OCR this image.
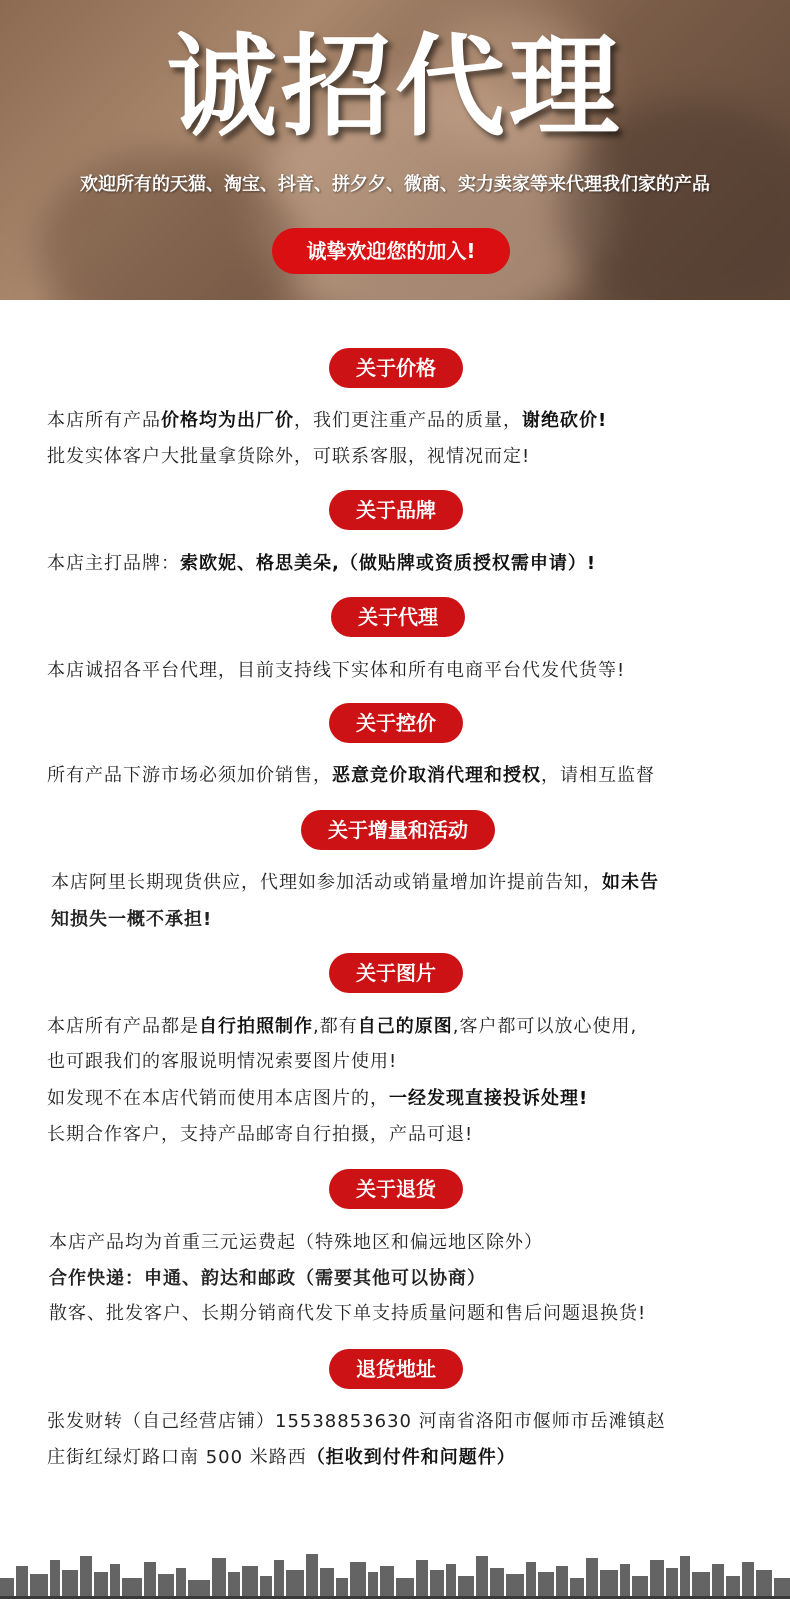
诚招代理
欢迎所有的天猫、淘宝、抖音、拼夕夕、微商、实力卖家等来代理我们家的产品
诚挚欢迎您的加入!
关于价格
本店所有产品价格均为出厂价，我们更注重产品的质量，谢绝砍价!
批发实体客户大批量拿货除外，可联系客服，视情况而定!
关于品牌
本店主打品牌：索欧妮、格思美朵,（做贴牌或资质授权需申请）!
关于代理
本店诚招各平台代理，目前支持线下实体和所有电商平台代发代货等!
关于控价
所有产品下游市场必须加价销售，恶意竞价取消代理和授权，请相互监督
关于增量和活动
本店阿里长期现货供应，代理如参加活动或销量增加许提前告知，如未告
知损失一概不承担!
关于图片
本店所有产品都是自行拍照制作,都有自己的原图,客户都可以放心使用,
也可跟我们的客服说明情况索要图片使用!
如发现不在本店代销而使用本店图片的，一经发现直接投诉处理!
长期合作客户，支持产品邮寄自行拍摄，产品可退!
关于退货
本店产品均为首重三元运费起（特殊地区和偏远地区除外）
合作快递：申通、韵达和邮政（需要其他可以协商）
散客、批发客户、长期分销商代发下单支持质量问题和售后问题退换货!
退货地址
张发财转（自己经营店铺）15538853630 河南省洛阳市偃师市岳滩镇赵
庄街红绿灯路口南 500 米路西（拒收到付件和问题件）
